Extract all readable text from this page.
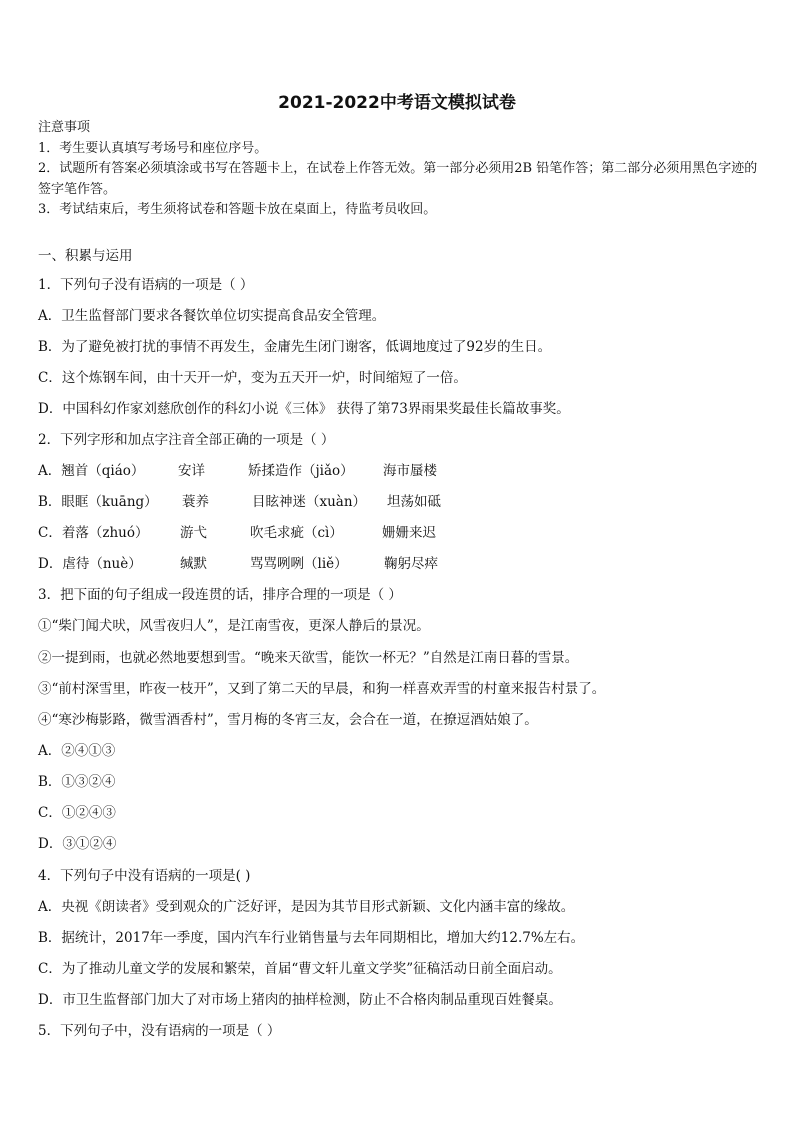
2021-2022中考语文模拟试卷
注意事项
1．考生要认真填写考场号和座位序号。
2．试题所有答案必须填涂或书写在答题卡上，在试卷上作答无效。第一部分必须用2B 铅笔作答；第二部分必须用黑色字迹的签字笔作答。
3．考试结束后，考生须将试卷和答题卡放在桌面上，待监考员收回。
一、积累与运用
1．下列句子没有语病的一项是（ ）
A．卫生监督部门要求各餐饮单位切实提高食品安全管理。
B．为了避免被打扰的事情不再发生，金庸先生闭门谢客，低调地度过了92岁的生日。
C．这个炼钢车间，由十天开一炉，变为五天开一炉，时间缩短了一倍。
D．中国科幻作家刘慈欣创作的科幻小说《三体》 获得了第73界雨果奖最佳长篇故事奖。
2．下列字形和加点字注音全部正确的一项是（ ）
A．翘首（qiáo） 安详	矫揉造作（jiǎo） 海市蜃楼
B．眼眶（kuāng） 蓑养	目眩神迷（xuàn） 坦荡如砥
C．着落（zhuó） 游弋	吹毛求疵（cì）	姗姗来迟
D．虐待（nuè）	缄默	骂骂咧咧（liě）	鞠躬尽瘁
3．把下面的句子组成一段连贯的话，排序合理的一项是（ ）
①“柴门闻犬吠，风雪夜归人”，是江南雪夜，更深人静后的景况。
②一提到雨，也就必然地要想到雪。“晚来天欲雪，能饮一杯无？”自然是江南日暮的雪景。
③“前村深雪里，昨夜一枝开”，又到了第二天的早晨，和狗一样喜欢弄雪的村童来报告村景了。
④“寒沙梅影路，微雪酒香村”，雪月梅的冬宵三友，会合在一道，在撩逗酒姑娘了。
A．②④①③
B．①③②④
C．①②④③
D．③①②④
4．下列句子中没有语病的一项是( )
A．央视《朗读者》受到观众的广泛好评，是因为其节目形式新颖、文化内涵丰富的缘故。
B．据统计，2017年一季度，国内汽车行业销售量与去年同期相比，增加大约12.7%左右。
C．为了推动儿童文学的发展和繁荣，首届“曹文轩儿童文学奖”征稿活动日前全面启动。
D．市卫生监督部门加大了对市场上猪肉的抽样检测，防止不合格肉制品重现百姓餐桌。
5．下列句子中，没有语病的一项是（ ）
